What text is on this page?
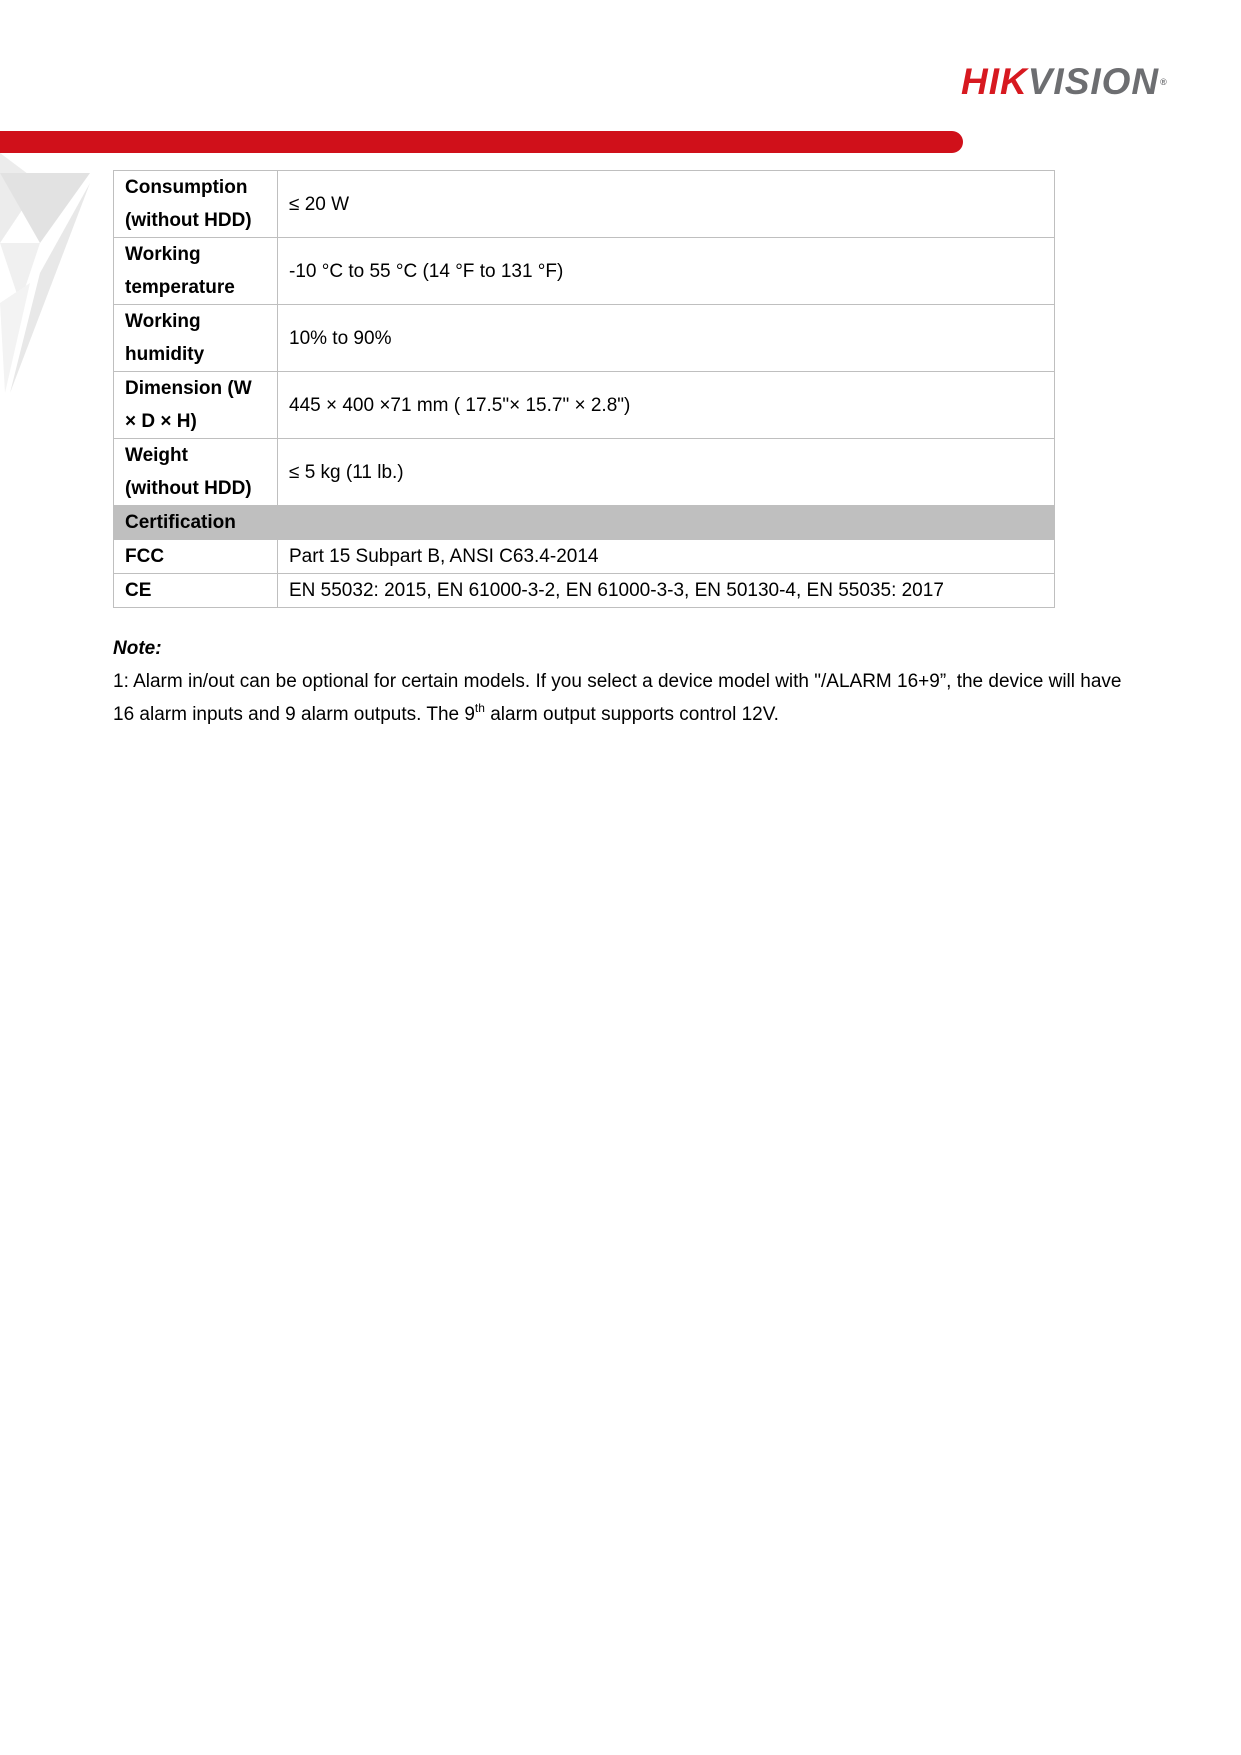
HIKVISION®
Consumption (without HDD)	≤ 20 W
Working temperature	-10 °C to 55 °C (14 °F to 131 °F)
Working humidity	10% to 90%
Dimension (W × D × H)	445 × 400 ×71 mm ( 17.5"× 15.7" × 2.8")
Weight (without HDD)	≤ 5 kg (11 lb.)
Certification	
FCC	Part 15 Subpart B, ANSI C63.4-2014
CE	EN 55032: 2015, EN 61000-3-2, EN 61000-3-3, EN 50130-4, EN 55035: 2017
Note:
1: Alarm in/out can be optional for certain models. If you select a device model with "/ALARM 16+9”, the device will have 16 alarm inputs and 9 alarm outputs. The 9th alarm output supports control 12V.
